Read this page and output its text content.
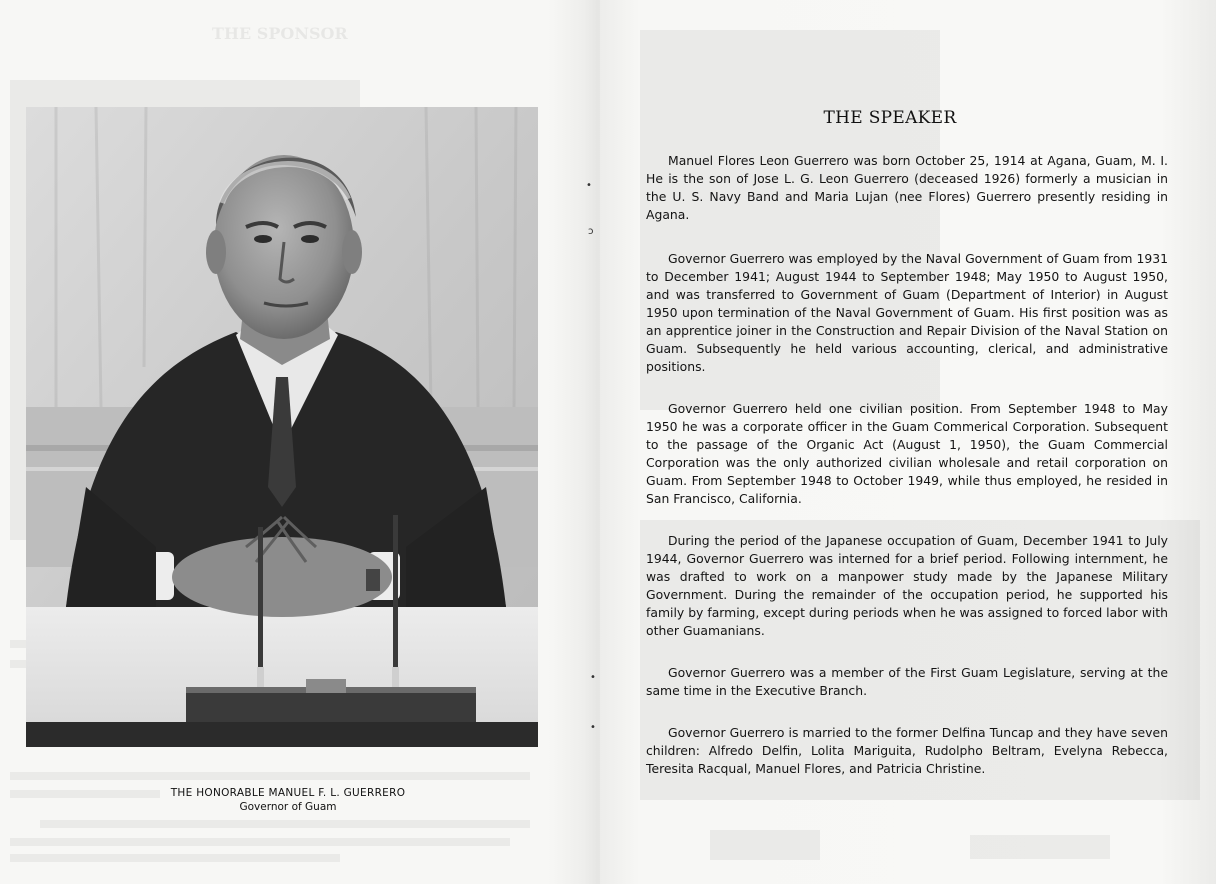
THE SPONSOR
THE HONORABLE MANUEL F. L. GUERRERO
Governor of Guam
•
ɔ
•
•
THE SPEAKER

Manuel Flores Leon Guerrero was born October 25, 1914 at Agana, Guam, M. I. He is the son of Jose L. G. Leon Guerrero (deceased 1926) formerly a musician in the U. S. Navy Band and Maria Lujan (nee Flores) Guerrero presently residing in Agana.

Governor Guerrero was employed by the Naval Government of Guam from 1931 to December 1941; August 1944 to September 1948; May 1950 to August 1950, and was transferred to Government of Guam (Department of Interior) in August 1950 upon termination of the Naval Government of Guam. His first position was as an apprentice joiner in the Construction and Repair Division of the Naval Station on Guam. Subsequently he held various accounting, clerical, and administrative positions.

Governor Guerrero held one civilian position. From September 1948 to May 1950 he was a corporate officer in the Guam Commerical Corporation. Subsequent to the passage of the Organic Act (August 1, 1950), the Guam Commercial Corporation was the only authorized civilian wholesale and retail corporation on Guam. From September 1948 to October 1949, while thus employed, he resided in San Francisco, California.

During the period of the Japanese occupation of Guam, December 1941 to July 1944, Governor Guerrero was interned for a brief period. Following internment, he was drafted to work on a manpower study made by the Japanese Military Government. During the remainder of the occupation period, he supported his family by farming, except during periods when he was assigned to forced labor with other Guamanians.

Governor Guerrero was a member of the First Guam Legislature, serving at the same time in the Executive Branch.

Governor Guerrero is married to the former Delfina Tuncap and they have seven children: Alfredo Delfin, Lolita Mariguita, Rudolpho Beltram, Evelyna Rebecca, Teresita Racqual, Manuel Flores, and Patricia Christine.
